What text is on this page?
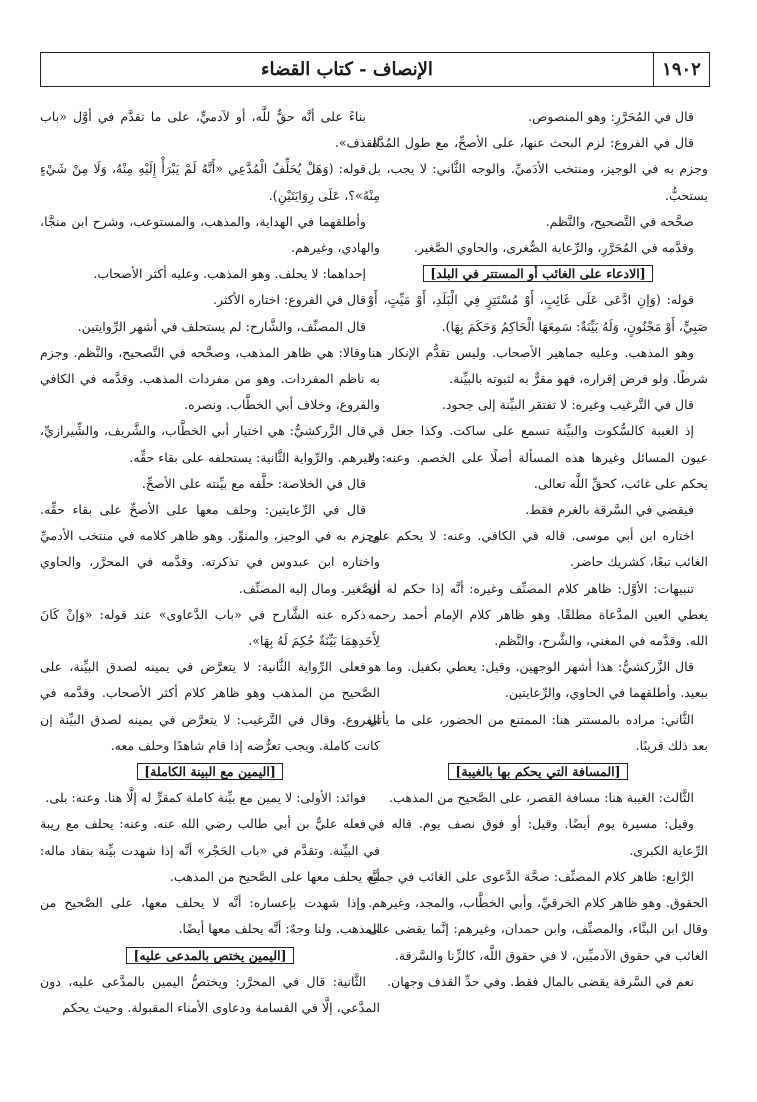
١٩٠٢
الإنصاف - كتاب القضاء

قال في المُحَرَّرِ: وهو المنصوص.

قال في الفروع: لزم البحث عنها، على الأصحِّ، مع طول المُدَّة. وجزم به في الوجيز، ومنتخب الأدَميِّ. والوجه الثَّاني: لا يجب، بل يستحبُّ.

صحَّحه في التَّصحيح، والنَّظم.

وقدَّمه في المُحَرَّرِ، والرِّعاية الصُّغرى، والحاوي الصَّغير.

[الادعاء على الغائب أو المستتر في البلد]

قوله: (وَإنِ ادَّعَى عَلَى غَائِبٍ، أَوْ مُسْتَتِرٍ فِي الْبَلَدِ، أَوْ مَيِّتٍ، أَوْ صَبِيٍّ، أَوْ مَجْنُونٍ، وَلَهُ بَيِّنَةٌ: سَمِعَهَا الْحَاكِمُ وَحَكَمَ بِهَا).

وهو المذهب. وعليه جماهير الأصحاب. وليس تقدُّم الإنكار هنا شرطًا. ولو فرض إقراره، فهو مقرٌّ به لثبوته بالبيِّنة.

قال في التَّرغيب وغيره: لا تفتقر البيِّنة إلى جحود.

إذ الغيبة كالسُّكوت والبيِّنة تسمع على ساكت. وكذا جعل في عيون المسائل وغيرها هذه المسألة أصلًا على الخصم. وعنه: لا يحكم على غائب، كحقِّ اللَّه تعالى.

فيقضي في السَّرقة بالغرم فقط.

اختاره ابن أبي موسى. قاله في الكافي. وعنه: لا يحكم على الغائب تبعًا، كشريك حاضر.

تنبيهات: الأوَّل: ظاهر كلام المصنِّف وغيره: أنَّه إذا حكم له أن يعطي العين المدَّعاة مطلقًا. وهو ظاهر كلام الإمام أحمد رحمه الله. وقدَّمه في المغني، والشَّرح، والنَّظم.

قال الزَّركشيُّ: هذا أشهر الوجهين. وقيل: يعطي بكفيل. وما هو ببعيد. وأطلقهما في الحاوي، والرِّعايتين.

الثَّاني: مراده بالمستتر هنا: الممتنع من الحضور، على ما يأتي بعد ذلك قريبًا.

[المسافة التي يحكم بها بالغيبة]

الثَّالث: الغيبة هنا: مسافة القصر، على الصَّحيح من المذهب.

وقيل: مسيرة يوم أيضًا. وقيل: أو فوق نصف يوم. قاله في الرِّعاية الكبرى.

الرَّابع: ظاهر كلام المصنِّف: صحَّة الدَّعوى على الغائب في جميع الحقوق. وهو ظاهر كلام الخرقيِّ، وأبي الخطَّاب، والمجد، وغيرهم. وقال ابن البنَّاء، والمصنِّف، وابن حمدان، وغيرهم: إنَّما يقضى على الغائب في حقوق الآدميِّين، لا في حقوق اللَّه، كالزِّنا والسَّرقة.

نعم في السَّرقة يقضى بالمال فقط. وفي حدِّ القذف وجهان.

بناءً على أنَّه حقٌّ للَّه، أو لآدميٍّ، على ما تقدَّم في أوَّل «باب القذف».

قوله: (وَهَلْ يُحَلِّفُ الْمُدَّعِي «أَنَّهُ لَمْ يَبْرَأْ إِلَيْهِ مِنْهُ، وَلَا مِنْ شَيْءٍ مِنْهُ»؟، عَلَى رِوَايَتَيْنِ).

وأطلقهما في الهداية، والمذهب، والمستوعب، وشرح ابن منجَّا، والهادي، وغيرهم.

إحداهما: لا يحلف. وهو المذهب. وعليه أكثر الأصحاب.

قال في الفروع: اختاره الأكثر.

قال المصنِّف، والشَّارح: لم يستحلف في أشهر الرِّوايتين.

وقالا: هي ظاهر المذهب، وصحَّحه في التَّصحيح، والنَّظم. وجزم به ناظم المفردات. وهو من مفردات المذهب. وقدَّمه في الكافي والفروع، وخلاف أبي الخطَّاب. ونصره.

قال الزَّركشيُّ: هي اختيار أبي الخطَّاب، والشَّريف، والشِّيرازيِّ، وغيرهم. والرِّواية الثَّانية: يستحلفه على بقاء حقِّه.

قال في الخلاصة: حلَّفه مع بيِّنته على الأصحِّ.

قال في الرِّعايتين: وحلف معها على الأصحِّ على بقاء حقِّه. وجزم به في الوجيز، والمنوِّر. وهو ظاهر كلامه في منتخب الأدميِّ واختاره ابن عبدوس في تذكرته. وقدَّمه في المحرَّر، والحاوي الصَّغير. ومال إليه المصنِّف.

ذكره عنه الشَّارح في «باب الدَّعاوى» عند قوله: «وَإنْ كَانَ لِأَحَدِهِمَا بَيِّنَةٌ حُكِمَ لَهُ بِهَا».

فعلى الرِّواية الثَّانية: لا يتعرَّض في يمينه لصدق البيِّنة، على الصَّحيح من المذهب وهو ظاهر كلام أكثر الأصحاب. وقدَّمه في الفروع. وقال في التَّرغيب: لا يتعرَّض في يمينه لصدق البيِّنة إن كانت كاملة. ويجب تعرُّضه إذا قام شاهدًا وحلف معه.

[اليمين مع البينة الكاملة]

فوائد: الأولى: لا يمين مع بيِّنة كاملة كمقرٍّ له إلَّا هنا. وعنه: بلى.

فعله عليٌّ بن أبي طالب رضي الله عنه. وعنه: يحلف مع ريبة في البيِّنة. وتقدَّم في «باب الحَجْر» أنَّه إذا شهدت بيِّنة بنفاد ماله: أنَّه يحلف معها على الصَّحيح من المذهب.

وإذا شهدت بإعساره: أنَّه لا يحلف معها، على الصَّحيح من المذهب. ولنا وجهٌ: أنَّه يحلف معها أيضًا.

[اليمين يختص بالمدعى عليه]

الثَّانية: قال في المحرَّر: ويختصُّ اليمين بالمدَّعى عليه، دون المدَّعي، إلَّا في القسامة ودعاوى الأمناء المقبولة. وحيث يحكم
